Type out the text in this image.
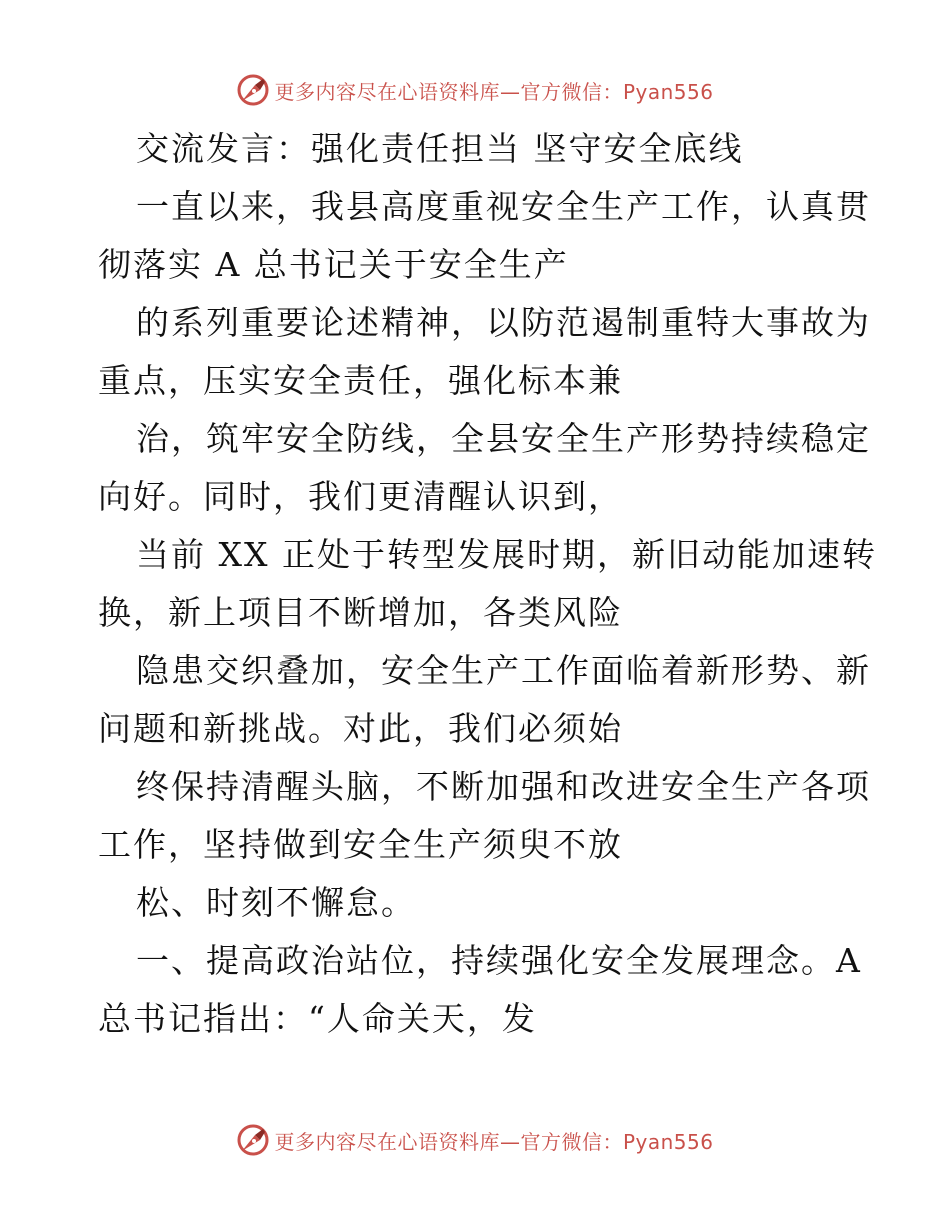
更多内容尽在心语资料库—官方微信：Pyan556
交流发言：强化责任担当 坚守安全底线
一直以来，我县高度重视安全生产工作，认真贯
彻落实 A 总书记关于安全生产
的系列重要论述精神，以防范遏制重特大事故为
重点，压实安全责任，强化标本兼
治，筑牢安全防线，全县安全生产形势持续稳定
向好。同时，我们更清醒认识到，
当前 XX 正处于转型发展时期，新旧动能加速转
换，新上项目不断增加，各类风险
隐患交织叠加，安全生产工作面临着新形势、新
问题和新挑战。对此，我们必须始
终保持清醒头脑，不断加强和改进安全生产各项
工作，坚持做到安全生产须臾不放
松、时刻不懈怠。
一、提高政治站位，持续强化安全发展理念。A
总书记指出：“人命关天，发
更多内容尽在心语资料库—官方微信：Pyan556
